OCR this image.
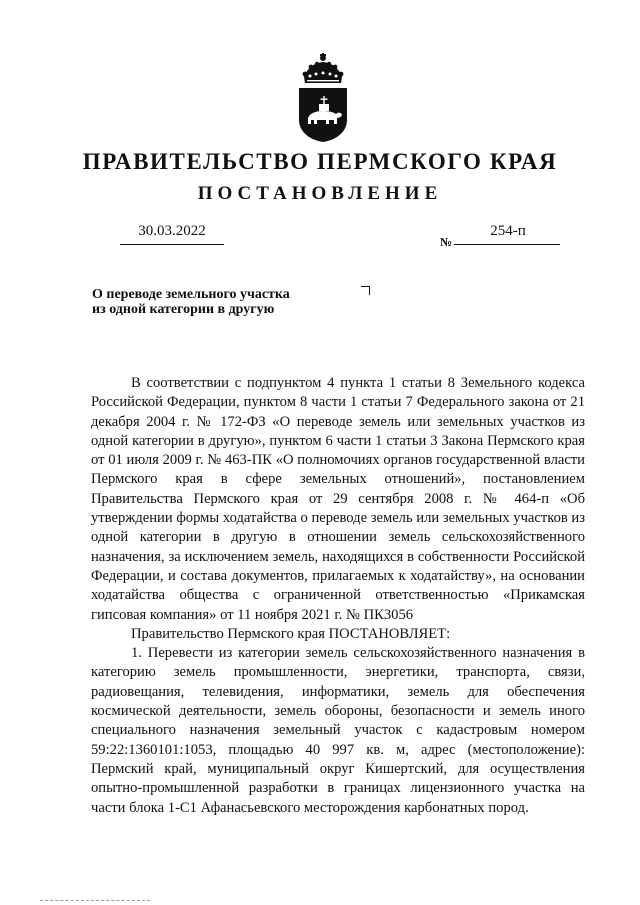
ПРАВИТЕЛЬСТВО ПЕРМСКОГО КРАЯ
ПОСТАНОВЛЕНИЕ
30.03.2022
№
254-п
О переводе земельного участка
из одной категории в другую

В соответствии с подпунктом 4 пункта 1 статьи 8 Земельного кодекса Российской Федерации, пунктом 8 части 1 статьи 7 Федерального закона от 21 декабря 2004 г. № 172-ФЗ «О переводе земель или земельных участков из одной категории в другую», пунктом 6 части 1 статьи 3 Закона Пермского края от 01 июля 2009 г. № 463-ПК «О полномочиях органов государственной власти Пермского края в сфере земельных отношений», постановлением Правительства Пермского края от 29 сентября 2008 г. № 464-п «Об утверждении формы ходатайства о переводе земель или земельных участков из одной категории в другую в отношении земель сельскохозяйственного назначения, за исключением земель, находящихся в собственности Российской Федерации, и состава документов, прилагаемых к ходатайству», на основании ходатайства общества с ограниченной ответственностью «Прикамская гипсовая компания» от 11 ноября 2021 г. № ПК3056

Правительство Пермского края ПОСТАНОВЛЯЕТ:

1. Перевести из категории земель сельскохозяйственного назначения в категорию земель промышленности, энергетики, транспорта, связи, радиовещания, телевидения, информатики, земель для обеспечения космической деятельности, земель обороны, безопасности и земель иного специального назначения земельный участок с кадастровым номером 59:22:1360101:1053, площадью 40 997 кв. м, адрес (местоположение): Пермский край, муниципальный округ Кишертский, для осуществления опытно-промышленной разработки в границах лицензионного участка на части блока 1-С1 Афанасьевского месторождения карбонатных пород.
